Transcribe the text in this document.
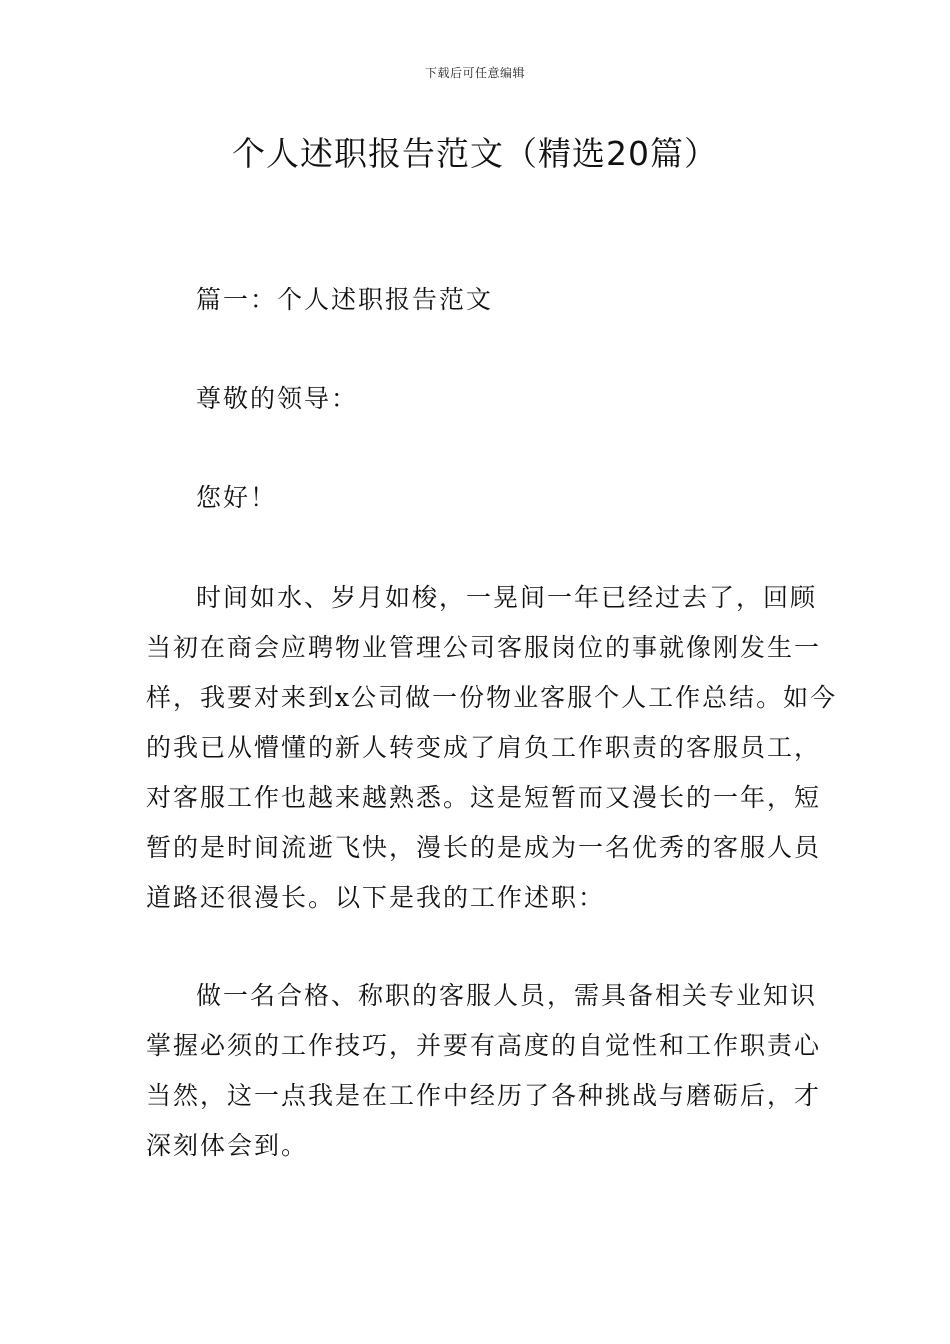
下载后可任意编辑
个人述职报告范文（精选20篇）

篇一：个人述职报告范文

尊敬的领导：

您好！

时间如水、岁月如梭，一晃间一年已经过去了，回顾
当初在商会应聘物业管理公司客服岗位的事就像刚发生一
样，我要对来到x公司做一份物业客服个人工作总结。如今
的我已从懵懂的新人转变成了肩负工作职责的客服员工，
对客服工作也越来越熟悉。这是短暂而又漫长的一年，短
暂的是时间流逝飞快，漫长的是成为一名优秀的客服人员
道路还很漫长。以下是我的工作述职：
做一名合格、称职的客服人员，需具备相关专业知识
掌握必须的工作技巧，并要有高度的自觉性和工作职责心
当然，这一点我是在工作中经历了各种挑战与磨砺后，才
深刻体会到。
